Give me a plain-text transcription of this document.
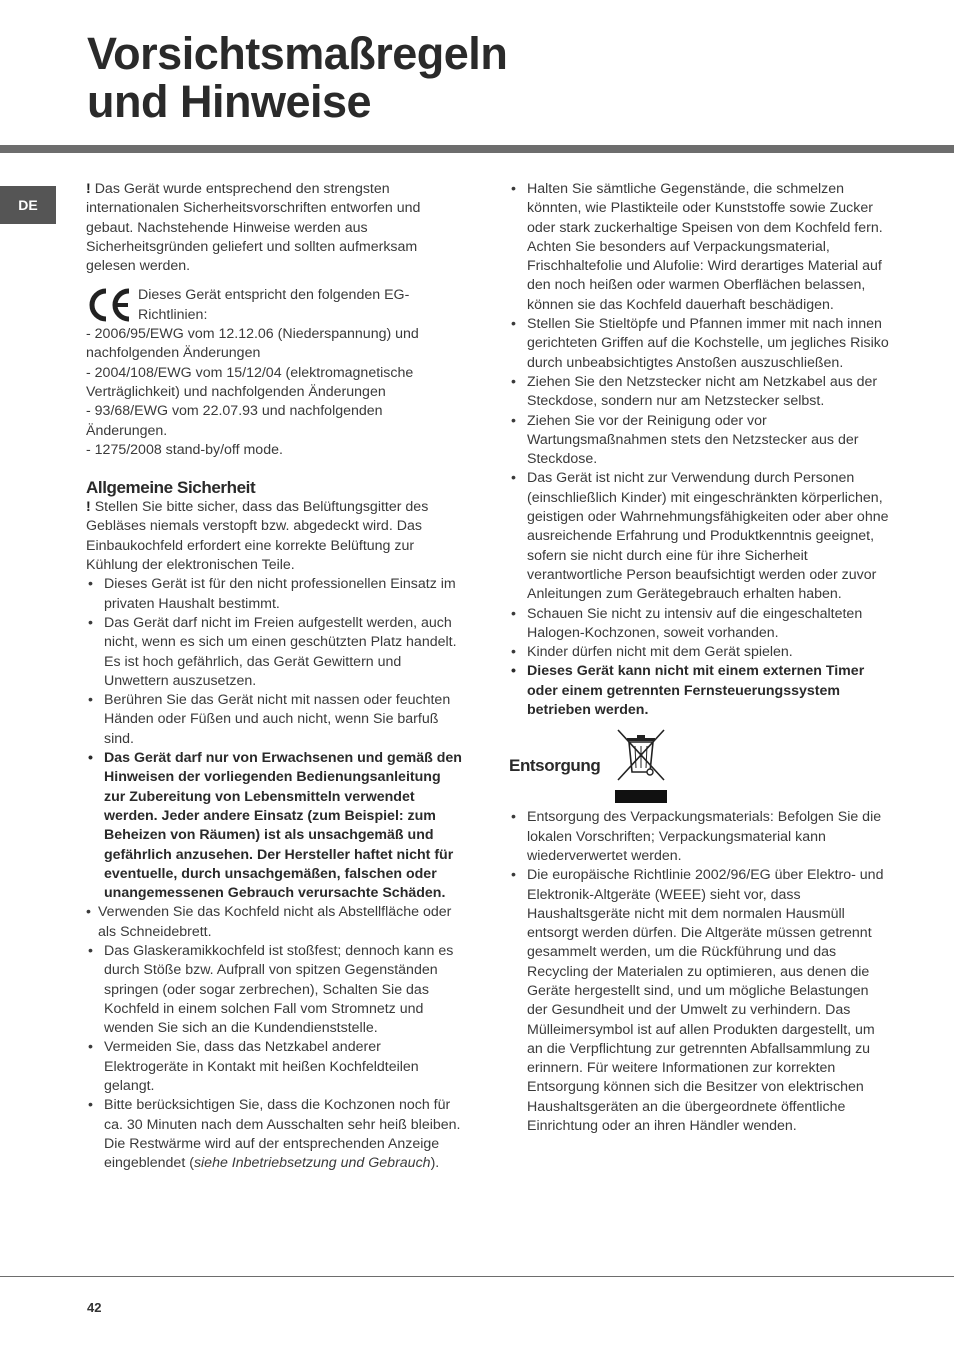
Vorsichtsmaßregeln
und Hinweise
DE

! Das Gerät wurde entsprechend den strengsten internationalen Sicherheitsvorschriften entworfen und gebaut. Nachstehende Hinweise werden aus Sicherheitsgründen geliefert und sollten aufmerksam gelesen werden.

Dieses Gerät entspricht den folgenden EG-Richtlinien:

- 2006/95/EWG vom 12.12.06 (Niederspannung) und nachfolgenden Änderungen

- 2004/108/EWG vom 15/12/04 (elektromagnetische Verträglichkeit) und nachfolgenden Änderungen

- 93/68/EWG vom 22.07.93 und nachfolgenden Änderungen.

- 1275/2008 stand-by/off mode.

Allgemeine Sicherheit

! Stellen Sie bitte sicher, dass das Belüftungsgitter des Gebläses niemals verstopft bzw. abgedeckt wird. Das Einbaukochfeld erfordert eine korrekte Belüftung zur Kühlung der elektronischen Teile.

• Dieses Gerät ist für den nicht professionellen Einsatz im privaten Haushalt bestimmt.
• Das Gerät darf nicht im Freien aufgestellt werden, auch nicht, wenn es sich um einen geschützten Platz handelt. Es ist hoch gefährlich, das Gerät Gewittern und Unwettern auszusetzen.
• Berühren Sie das Gerät nicht mit nassen oder feuchten Händen oder Füßen und auch nicht, wenn Sie barfuß sind.
• Das Gerät darf nur von Erwachsenen und gemäß den Hinweisen der vorliegenden Bedienungsanleitung zur Zubereitung von Lebensmitteln verwendet werden. Jeder andere Einsatz (zum Beispiel: zum Beheizen von Räumen) ist als unsachgemäß und gefährlich anzusehen. Der Hersteller haftet nicht für eventuelle, durch unsachgemäßen, falschen oder unangemessenen Gebrauch verursachte Schäden.
• Verwenden Sie das Kochfeld nicht als Abstellfläche oder als Schneidebrett.
• Das Glaskeramikkochfeld ist stoßfest; dennoch kann es durch Stöße bzw. Aufprall von spitzen Gegenständen springen (oder sogar zerbrechen), Schalten Sie das Kochfeld in einem solchen Fall vom Stromnetz und wenden Sie sich an die Kundendienststelle.
• Vermeiden Sie, dass das Netzkabel anderer Elektrogeräte in Kontakt mit heißen Kochfeldteilen gelangt.
• Bitte berücksichtigen Sie, dass die Kochzonen noch für ca. 30 Minuten nach dem Ausschalten sehr heiß bleiben. Die Restwärme wird auf der entsprechenden Anzeige eingeblendet (siehe Inbetriebsetzung und Gebrauch).
• Halten Sie sämtliche Gegenstände, die schmelzen könnten, wie Plastikteile oder Kunststoffe sowie Zucker oder stark zuckerhaltige Speisen von dem Kochfeld fern. Achten Sie besonders auf Verpackungsmaterial, Frischhaltefolie und Alufolie: Wird derartiges Material auf den noch heißen oder warmen Oberflächen belassen, können sie das Kochfeld dauerhaft beschädigen.
• Stellen Sie Stieltöpfe und Pfannen immer mit nach innen gerichteten Griffen auf die Kochstelle, um jegliches Risiko durch unbeabsichtigtes Anstoßen auszuschließen.
• Ziehen Sie den Netzstecker nicht am Netzkabel aus der Steckdose, sondern nur am Netzstecker selbst.
• Ziehen Sie vor der Reinigung oder vor Wartungsmaßnahmen stets den Netzstecker aus der Steckdose.
• Das Gerät ist nicht zur Verwendung durch Personen (einschließlich Kinder) mit eingeschränkten körperlichen, geistigen oder Wahrnehmungsfähigkeiten oder aber ohne ausreichende Erfahrung und Produktkenntnis geeignet, sofern sie nicht durch eine für ihre Sicherheit verantwortliche Person beaufsichtigt werden oder zuvor Anleitungen zum Gerätegebrauch erhalten haben.
• Schauen Sie nicht zu intensiv auf die eingeschalteten Halogen-Kochzonen, soweit vorhanden.
• Kinder dürfen nicht mit dem Gerät spielen.
• Dieses Gerät kann nicht mit einem externen Timer oder einem getrennten Fernsteuerungssystem betrieben werden.
Entsorgung
• Entsorgung des Verpackungsmaterials: Befolgen Sie die lokalen Vorschriften; Verpackungsmaterial kann wiederverwertet werden.
• Die europäische Richtlinie 2002/96/EG über Elektro- und Elektronik-Altgeräte (WEEE) sieht vor, dass Haushaltsgeräte nicht mit dem normalen Hausmüll entsorgt werden dürfen. Die Altgeräte müssen getrennt gesammelt werden, um die Rückführung und das Recycling der Materialen zu optimieren, aus denen die Geräte hergestellt sind, und um mögliche Belastungen der Gesundheit und der Umwelt zu verhindern. Das Mülleimersymbol ist auf allen Produkten dargestellt, um an die Verpflichtung zur getrennten Abfallsammlung zu erinnern. Für weitere Informationen zur korrekten Entsorgung können sich die Besitzer von elektrischen Haushaltsgeräten an die übergeordnete öffentliche Einrichtung oder an ihren Händler wenden.
42
